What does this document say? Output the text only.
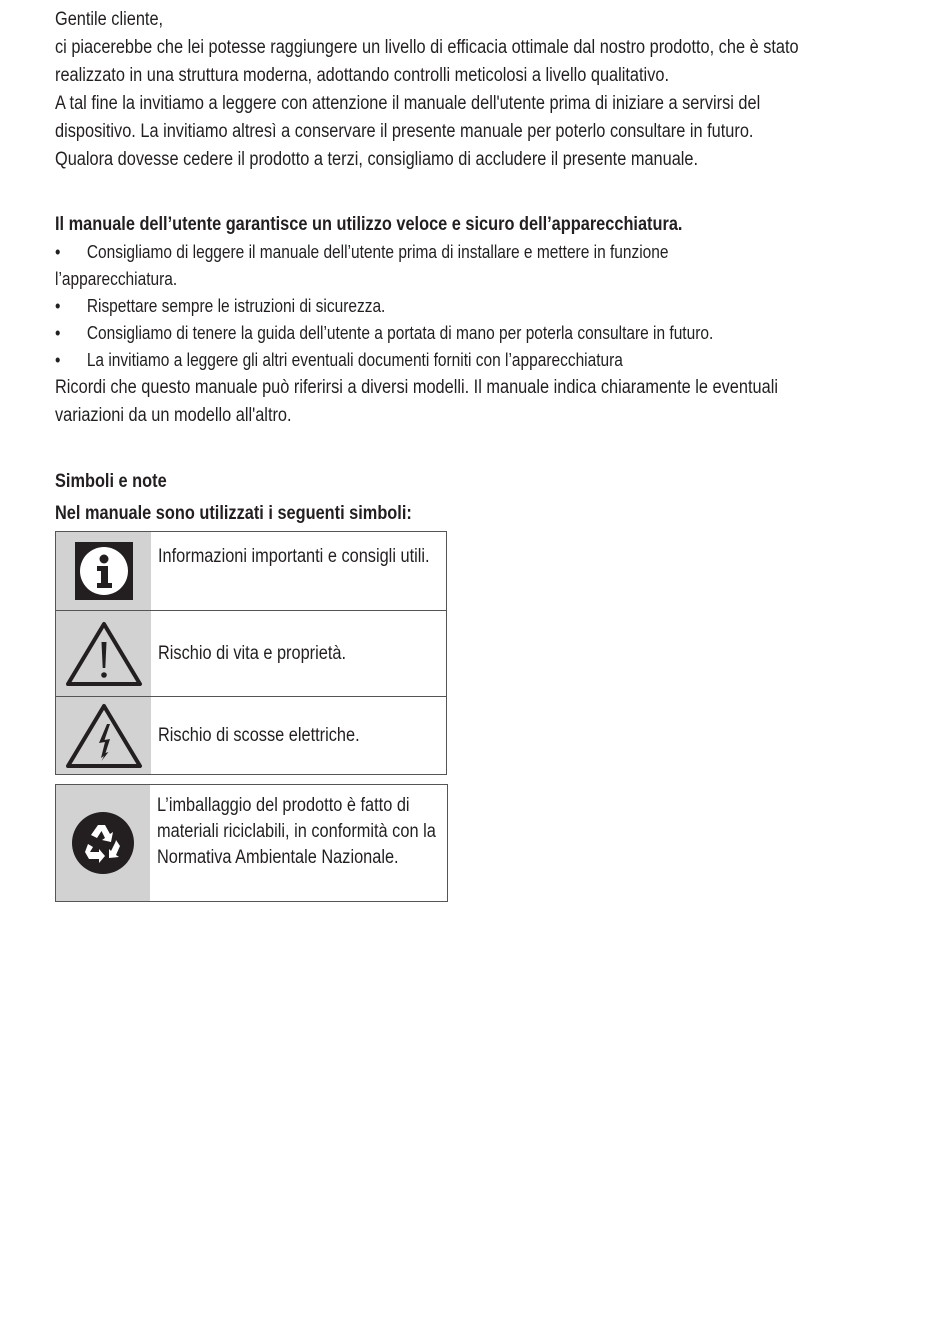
Gentile cliente,

ci piacerebbe che lei potesse raggiungere un livello di efficacia ottimale dal nostro prodotto, che è stato

realizzato in una struttura moderna, adottando controlli meticolosi a livello qualitativo.

A tal fine la invitiamo a leggere con attenzione il manuale dell'utente prima di iniziare a servirsi del

dispositivo. La invitiamo altresì a conservare il presente manuale per poterlo consultare in futuro.

Qualora dovesse cedere il prodotto a terzi, consigliamo di accludere il presente manuale.

Il manuale dell’utente garantisce un utilizzo veloce e sicuro dell’apparecchiatura.

• Consigliamo di leggere il manuale dell’utente prima di installare e mettere in funzione
l’apparecchiatura.
• Rispettare sempre le istruzioni di sicurezza.
• Consigliamo di tenere la guida dell’utente a portata di mano per poterla consultare in futuro.
• La invitiamo a leggere gli altri eventuali documenti forniti con l’apparecchiatura

Ricordi che questo manuale può riferirsi a diversi modelli. Il manuale indica chiaramente le eventuali

variazioni da un modello all'altro.

Simboli e note

Nel manuale sono utilizzati i seguenti simboli:

Informazioni importanti e consigli utili.
Rischio di vita e proprietà.
Rischio di scosse elettriche.
L’imballaggio del prodotto è fatto di materiali riciclabili, in conformità con la Normativa Ambientale Nazionale.
